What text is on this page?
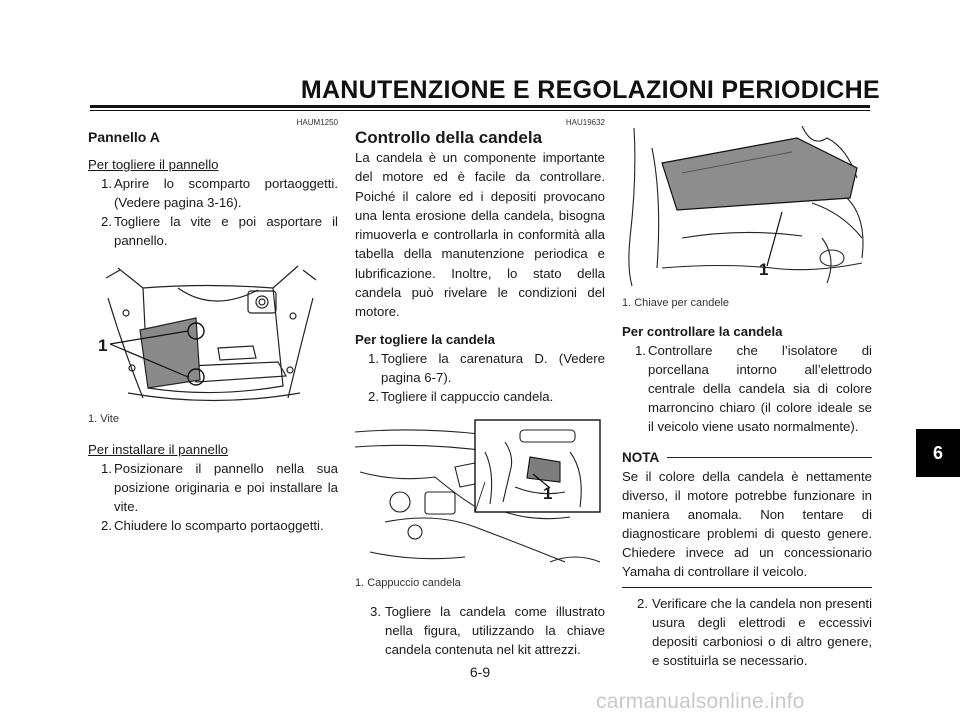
MANUTENZIONE E REGOLAZIONI PERIODICHE
HAUM1250

Pannello A

Per togliere il pannello

1. Aprire lo scomparto portaoggetti. (Vedere pagina 3-16).
2. Togliere la vite e poi asportare il pannello.
1

1. Vite

Per installare il pannello

1. Posizionare il pannello nella sua posizione originaria e poi installare la vite.
2. Chiudere lo scomparto portaoggetti.
HAU19632

Controllo della candela

La candela è un componente importante del motore ed è facile da controllare. Poiché il calore ed i depositi provocano una lenta erosione della candela, bisogna rimuoverla e controllarla in conformità alla tabella della manutenzione periodica e lubrificazione. Inoltre, lo stato della candela può rivelare le condizioni del motore.

Per togliere la candela

1. Togliere la carenatura D. (Vedere pagina 6-7).
2. Togliere il cappuccio candela.
1

1. Cappuccio candela

3. Togliere la candela come illustrato nella figura, utilizzando la chiave candela contenuta nel kit attrezzi.
1

1. Chiave per candele

Per controllare la candela

1. Controllare che l’isolatore di porcellana intorno all’elettrodo centrale della candela sia di colore marroncino chiaro (il colore ideale se il veicolo viene usato normalmente).

NOTA

Se il colore della candela è nettamente diverso, il motore potrebbe funzionare in maniera anomala. Non tentare di diagnosticare problemi di questo genere. Chiedere invece ad un concessionario Yamaha di controllare il veicolo.

2. Verificare che la candela non presenti usura degli elettrodi e eccessivi depositi carboniosi o di altro genere, e sostituirla se necessario.
6
6-9
carmanualsonline.info
